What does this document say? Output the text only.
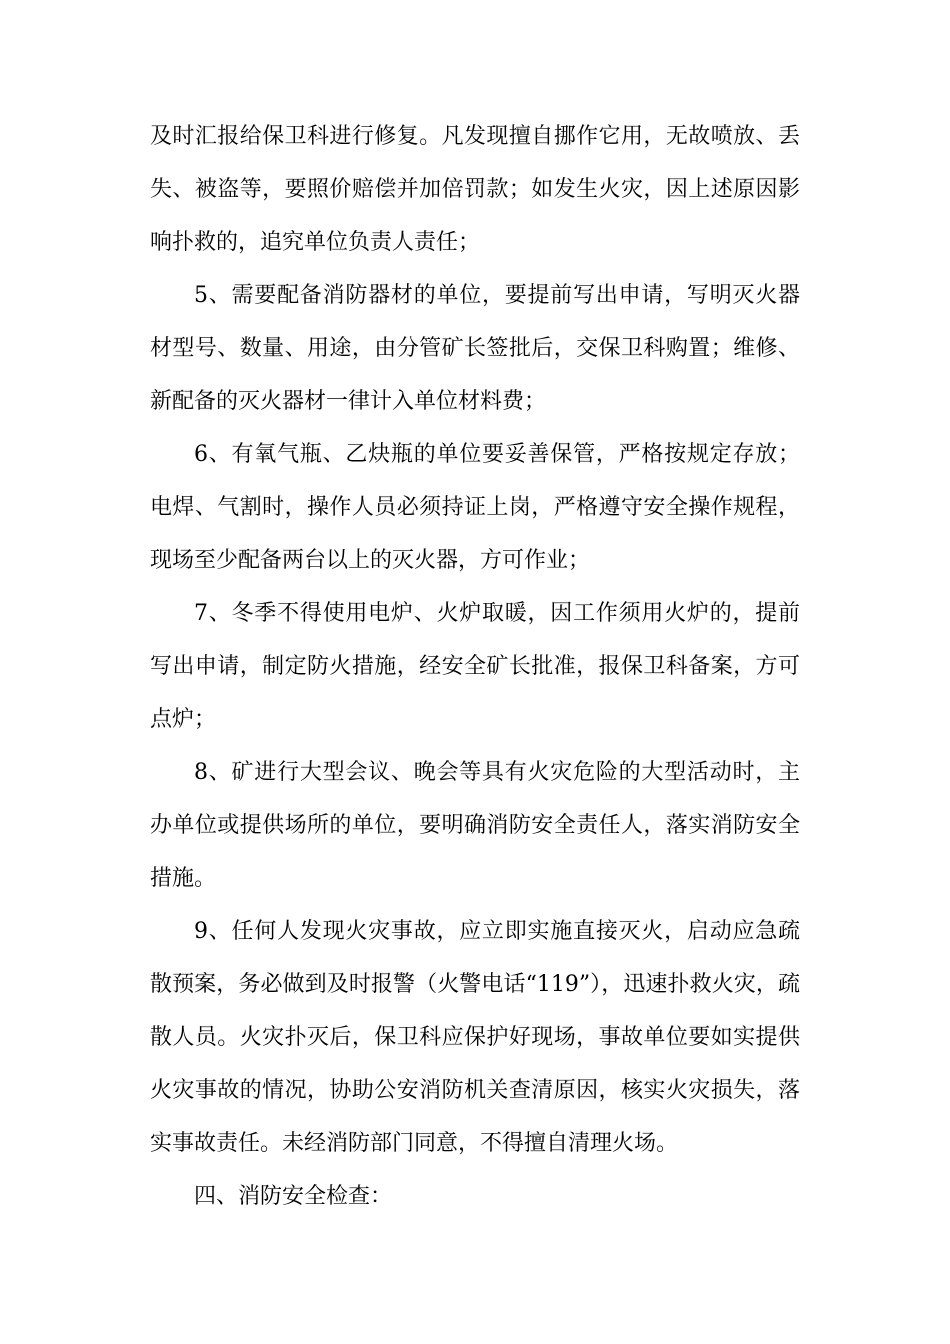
及时汇报给保卫科进行修复。凡发现擅自挪作它用，无故喷放、丢失、被盗等，要照价赔偿并加倍罚款；如发生火灾，因上述原因影响扑救的，追究单位负责人责任；

5、需要配备消防器材的单位，要提前写出申请，写明灭火器材型号、数量、用途，由分管矿长签批后，交保卫科购置；维修、新配备的灭火器材一律计入单位材料费；

6、有氧气瓶、乙炔瓶的单位要妥善保管，严格按规定存放；电焊、气割时，操作人员必须持证上岗，严格遵守安全操作规程，现场至少配备两台以上的灭火器，方可作业；

7、冬季不得使用电炉、火炉取暖，因工作须用火炉的，提前写出申请，制定防火措施，经安全矿长批准，报保卫科备案，方可点炉；

8、矿进行大型会议、晚会等具有火灾危险的大型活动时，主办单位或提供场所的单位，要明确消防安全责任人，落实消防安全措施。

9、任何人发现火灾事故，应立即实施直接灭火，启动应急疏散预案，务必做到及时报警（火警电话“119”），迅速扑救火灾，疏散人员。火灾扑灭后，保卫科应保护好现场，事故单位要如实提供火灾事故的情况，协助公安消防机关查清原因，核实火灾损失，落实事故责任。未经消防部门同意，不得擅自清理火场。

四、消防安全检查：
